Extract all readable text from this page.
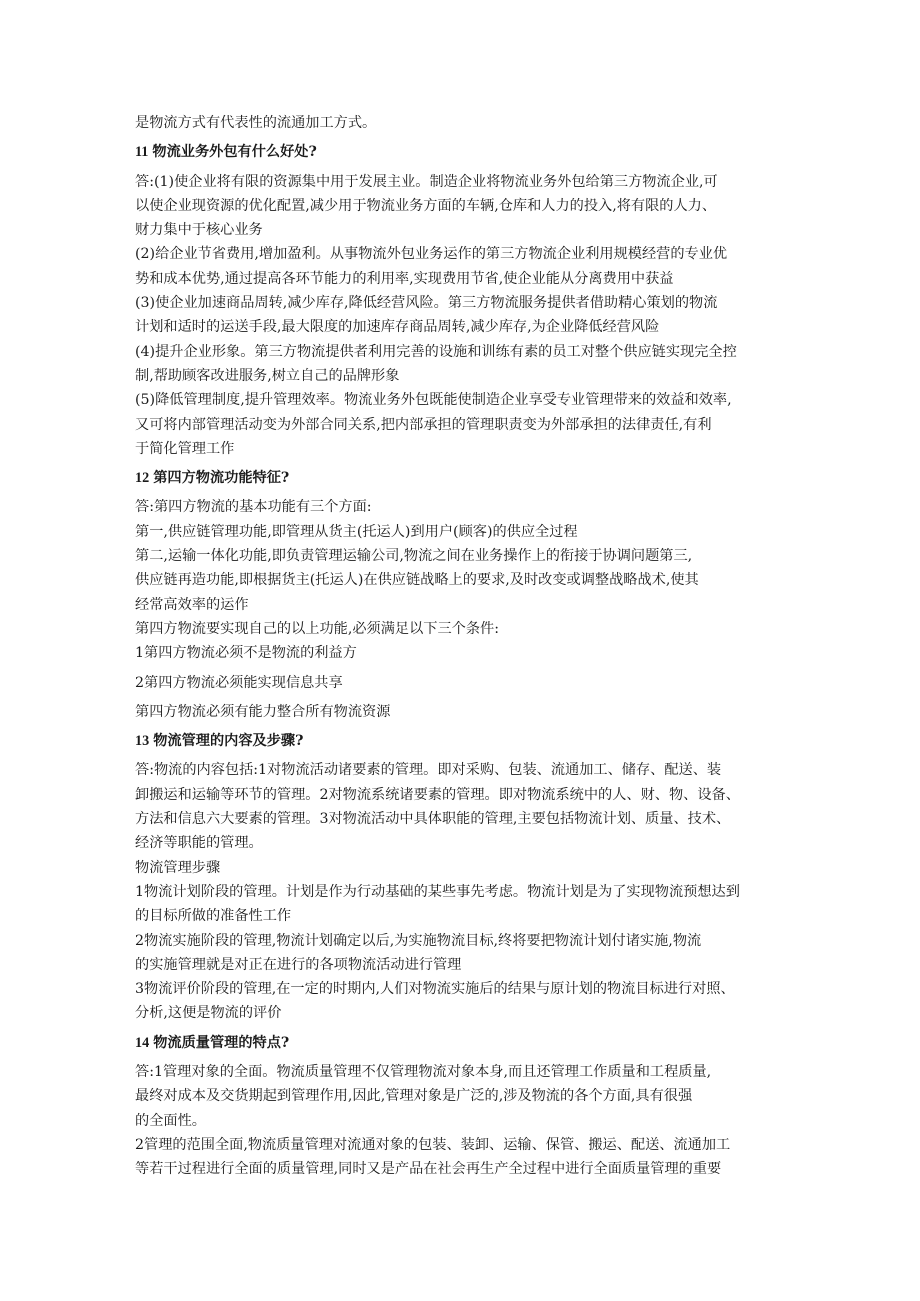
是物流方式有代表性的流通加工方式。
11 物流业务外包有什么好处?
答:(1)使企业将有限的资源集中用于发展主业。制造企业将物流业务外包给第三方物流企业,可
以使企业现资源的优化配置,减少用于物流业务方面的车辆,仓库和人力的投入,将有限的人力、
财力集中于核心业务
(2)给企业节省费用,增加盈利。从事物流外包业务运作的第三方物流企业利用规模经营的专业优
势和成本优势,通过提高各环节能力的利用率,实现费用节省,使企业能从分离费用中获益
(3)使企业加速商品周转,减少库存,降低经营风险。第三方物流服务提供者借助精心策划的物流
计划和适时的运送手段,最大限度的加速库存商品周转,减少库存,为企业降低经营风险
(4)提升企业形象。第三方物流提供者利用完善的设施和训练有素的员工对整个供应链实现完全控
制,帮助顾客改进服务,树立自己的品牌形象
(5)降低管理制度,提升管理效率。物流业务外包既能使制造企业享受专业管理带来的效益和效率,
又可将内部管理活动变为外部合同关系,把内部承担的管理职责变为外部承担的法律责任,有利
于简化管理工作
12 第四方物流功能特征?
答:第四方物流的基本功能有三个方面:
第一,供应链管理功能,即管理从货主(托运人)到用户(顾客)的供应全过程
第二,运输一体化功能,即负责管理运输公司,物流之间在业务操作上的衔接于协调问题第三,
供应链再造功能,即根据货主(托运人)在供应链战略上的要求,及时改变或调整战略战术,使其
经常高效率的运作
第四方物流要实现自己的以上功能,必须满足以下三个条件:
1第四方物流必须不是物流的利益方
2第四方物流必须能实现信息共享
第四方物流必须有能力整合所有物流资源
13 物流管理的内容及步骤?
答:物流的内容包括:1对物流活动诸要素的管理。即对采购、包装、流通加工、储存、配送、装
卸搬运和运输等环节的管理。2对物流系统诸要素的管理。即对物流系统中的人、财、物、设备、
方法和信息六大要素的管理。3对物流活动中具体职能的管理,主要包括物流计划、质量、技术、
经济等职能的管理。
物流管理步骤
1物流计划阶段的管理。计划是作为行动基础的某些事先考虑。物流计划是为了实现物流预想达到
的目标所做的准备性工作
2物流实施阶段的管理,物流计划确定以后,为实施物流目标,终将要把物流计划付诸实施,物流
的实施管理就是对正在进行的各项物流活动进行管理
3物流评价阶段的管理,在一定的时期内,人们对物流实施后的结果与原计划的物流目标进行对照、
分析,这便是物流的评价
14 物流质量管理的特点?
答:1管理对象的全面。物流质量管理不仅管理物流对象本身,而且还管理工作质量和工程质量,
最终对成本及交货期起到管理作用,因此,管理对象是广泛的,涉及物流的各个方面,具有很强
的全面性。
2管理的范围全面,物流质量管理对流通对象的包装、装卸、运输、保管、搬运、配送、流通加工
等若干过程进行全面的质量管理,同时又是产品在社会再生产全过程中进行全面质量管理的重要
